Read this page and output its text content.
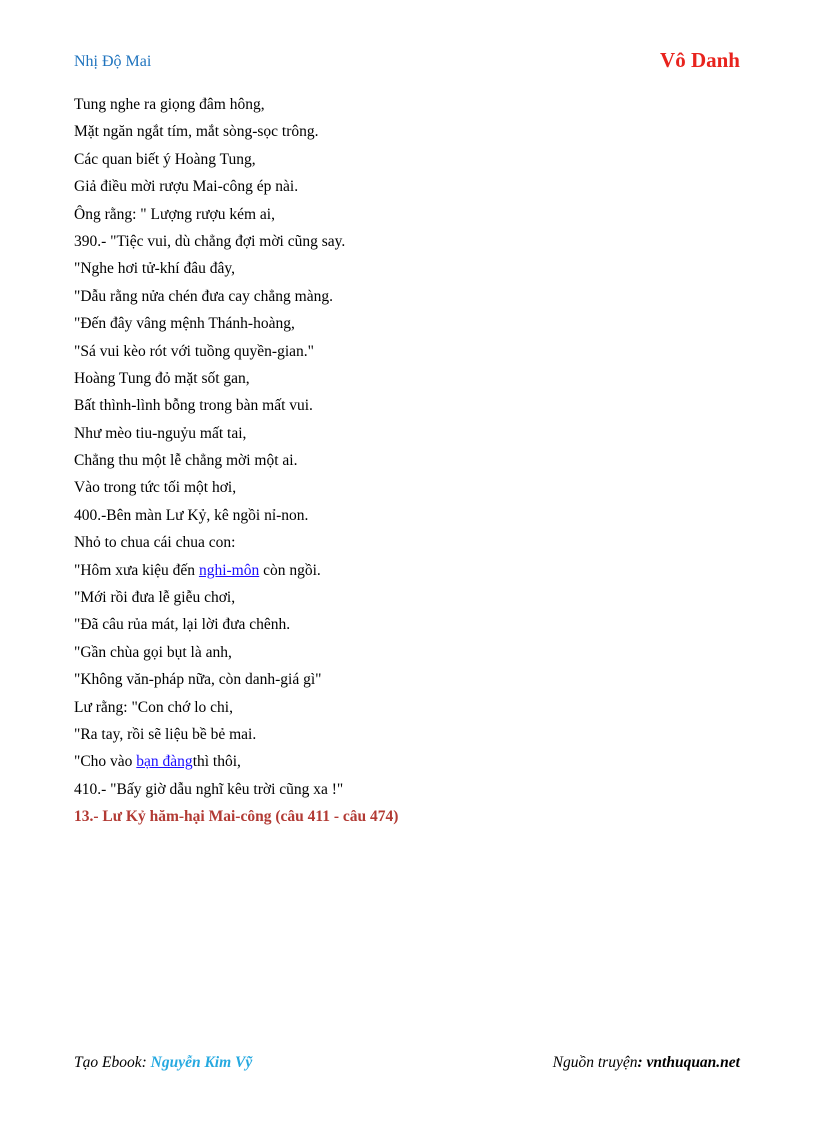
Nhị Độ Mai	Vô Danh
Tung nghe ra giọng đâm hông,
Mặt ngăn ngắt tím, mắt sòng-sọc trông.
Các quan biết ý Hoàng Tung,
Giả điều mời rượu Mai-công ép nài.
Ông rằng: " Lượng rượu kém ai,
390.- "Tiệc vui, dù chẳng đợi mời cũng say.
"Nghe hơi tử-khí đâu đây,
"Dẫu rằng nửa chén đưa cay chẳng màng.
"Đến đây vâng mệnh Thánh-hoàng,
"Sá vui kèo rót với tuồng quyền-gian."
Hoàng Tung đỏ mặt sốt gan,
Bất thình-lình bỗng trong bàn mất vui.
Như mèo tiu-nguỷu mất tai,
Chẳng thu một lễ chẳng mời một ai.
Vào trong tức tối một hơi,
400.-Bên màn Lư Kỷ, kê ngồi nỉ-non.
Nhỏ to chua cái chua con:
"Hôm xưa kiệu đến nghi-môn còn ngồi.
"Mới rồi đưa lễ giễu chơi,
"Đã câu rủa mát, lại lời đưa chênh.
"Gần chùa gọi bụt là anh,
"Không văn-pháp nữa, còn danh-giá gì"
Lư rằng: "Con chớ lo chi,
"Ra tay, rồi sẽ liệu bề bẻ mai.
"Cho vào bạn đàngthì thôi,
410.- "Bấy giờ dẫu nghĩ kêu trời cũng xa !"
13.- Lư Kỷ hăm-hại Mai-công (câu 411 - câu 474)
Tạo Ebook: Nguyễn Kim Vỹ	Nguồn truyện: vnthuquan.net
